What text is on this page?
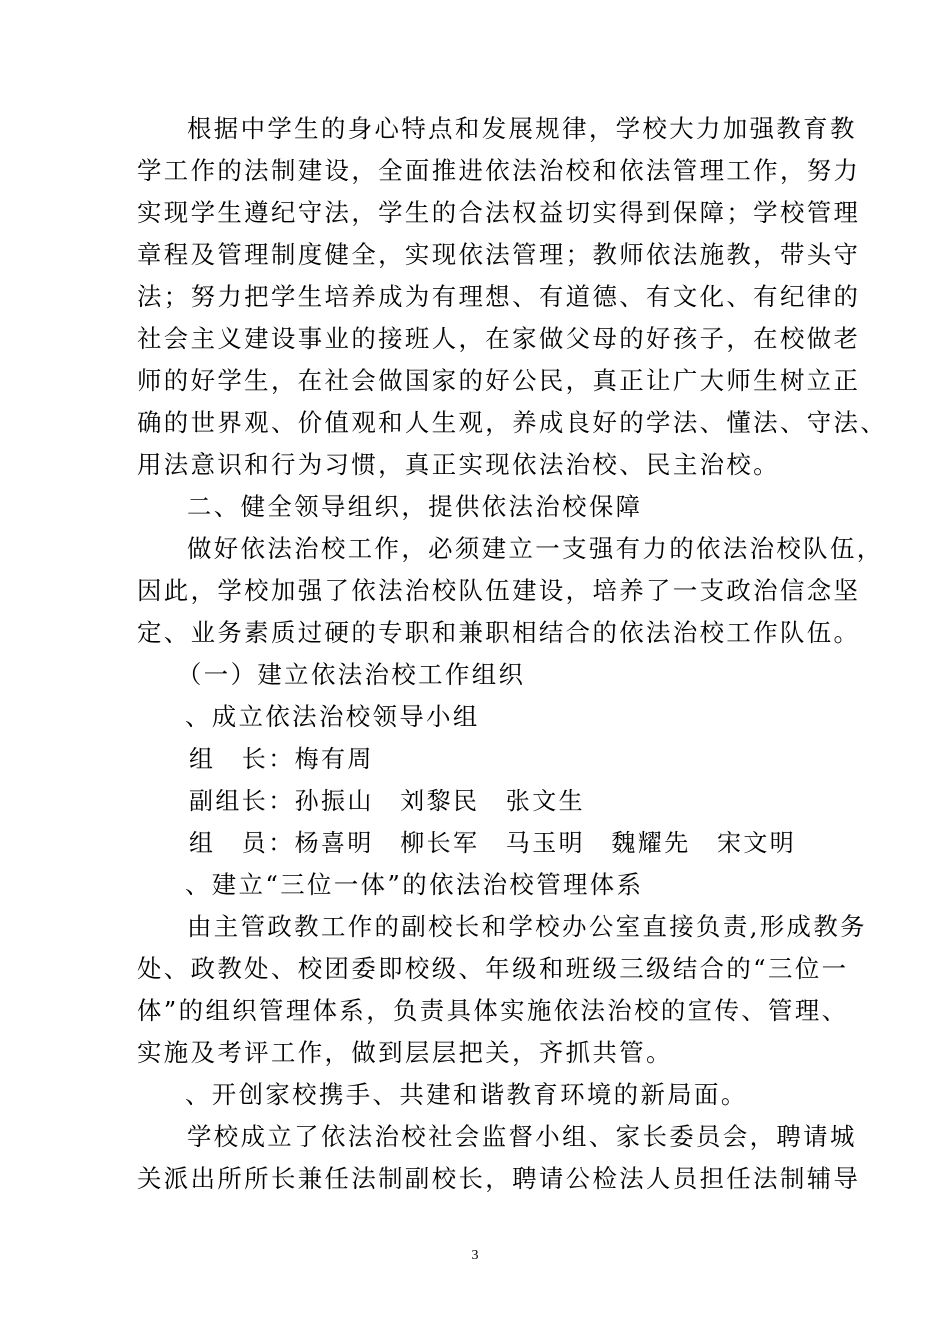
根据中学生的身心特点和发展规律，学校大力加强教育教
学工作的法制建设，全面推进依法治校和依法管理工作，努力
实现学生遵纪守法，学生的合法权益切实得到保障；学校管理
章程及管理制度健全，实现依法管理；教师依法施教，带头守
法；努力把学生培养成为有理想、有道德、有文化、有纪律的
社会主义建设事业的接班人，在家做父母的好孩子，在校做老
师的好学生，在社会做国家的好公民，真正让广大师生树立正
确的世界观、价值观和人生观，养成良好的学法、懂法、守法、
用法意识和行为习惯，真正实现依法治校、民主治校。
二、健全领导组织，提供依法治校保障
做好依法治校工作，必须建立一支强有力的依法治校队伍，
因此，学校加强了依法治校队伍建设，培养了一支政治信念坚
定、业务素质过硬的专职和兼职相结合的依法治校工作队伍。
（一）建立依法治校工作组织
、成立依法治校领导小组
组　长：梅有周
副组长：孙振山　刘黎民　张文生
组　员：杨喜明　柳长军　马玉明　魏耀先　宋文明
、建立“三位一体”的依法治校管理体系
由主管政教工作的副校长和学校办公室直接负责,形成教务
处、政教处、校团委即校级、年级和班级三级结合的“三位一
体”的组织管理体系，负责具体实施依法治校的宣传、管理、
实施及考评工作，做到层层把关，齐抓共管。
、开创家校携手、共建和谐教育环境的新局面。
学校成立了依法治校社会监督小组、家长委员会，聘请城
关派出所所长兼任法制副校长，聘请公检法人员担任法制辅导
3
